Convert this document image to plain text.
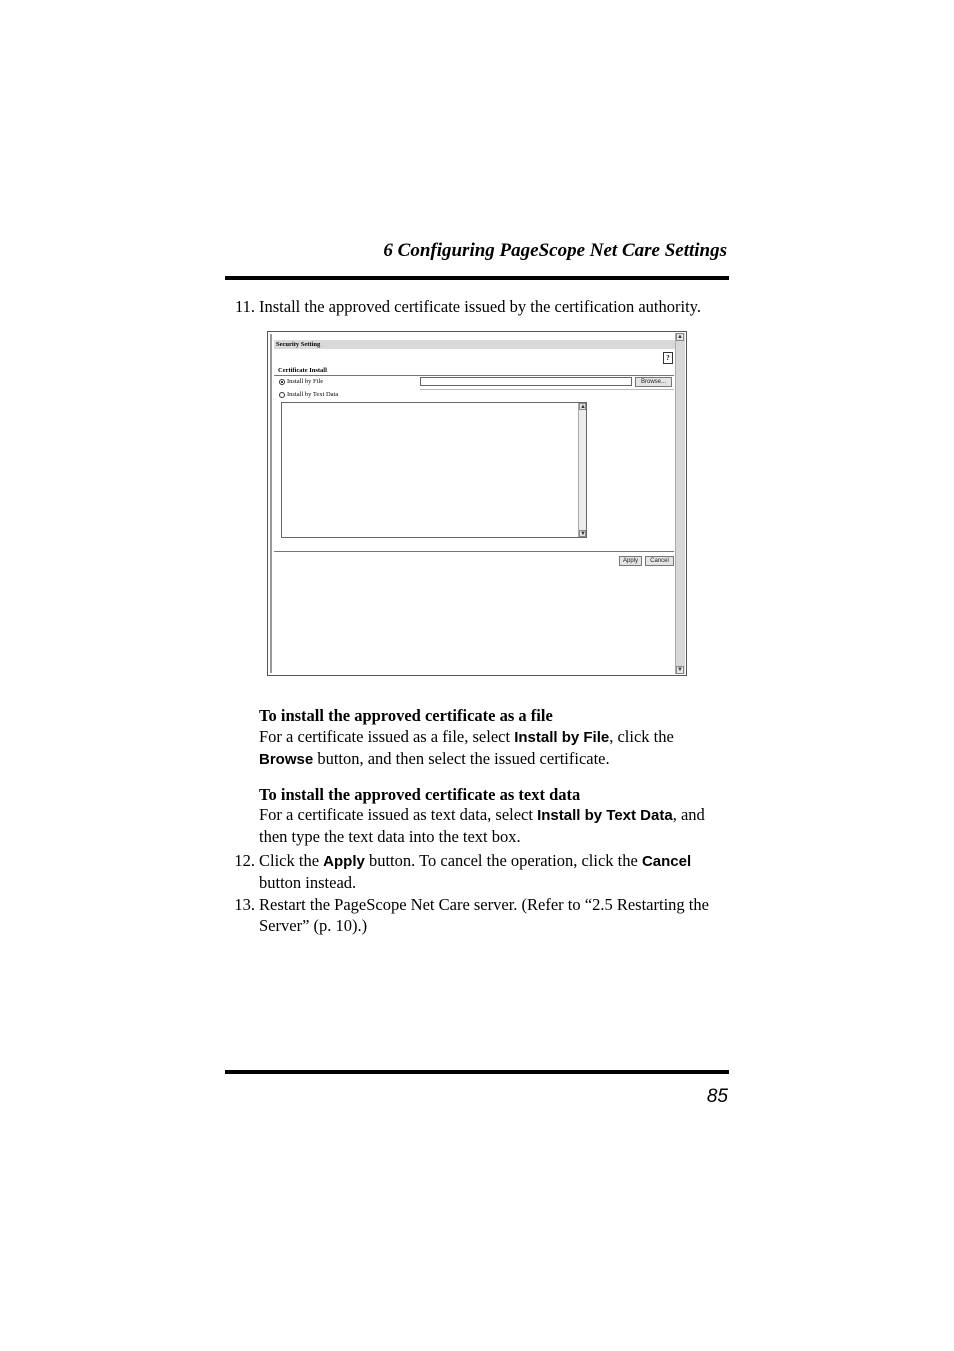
6 Configuring PageScope Net Care Settings
11. Install the approved certificate issued by the certification authority.
Security Setting
?
Certificate Install
Install by File	Browse...
Install by Text Data
▲
▼
Apply	Cancel
▲
▼
To install the approved certificate as a file
For a certificate issued as a file, select Install by File, click the Browse button, and then select the issued certificate.
To install the approved certificate as text data
For a certificate issued as text data, select Install by Text Data, and then type the text data into the text box.
12. Click the Apply button. To cancel the operation, click the Cancel button instead.
13. Restart the PageScope Net Care server. (Refer to “2.5 Restarting the Server” (p. 10).)
85
